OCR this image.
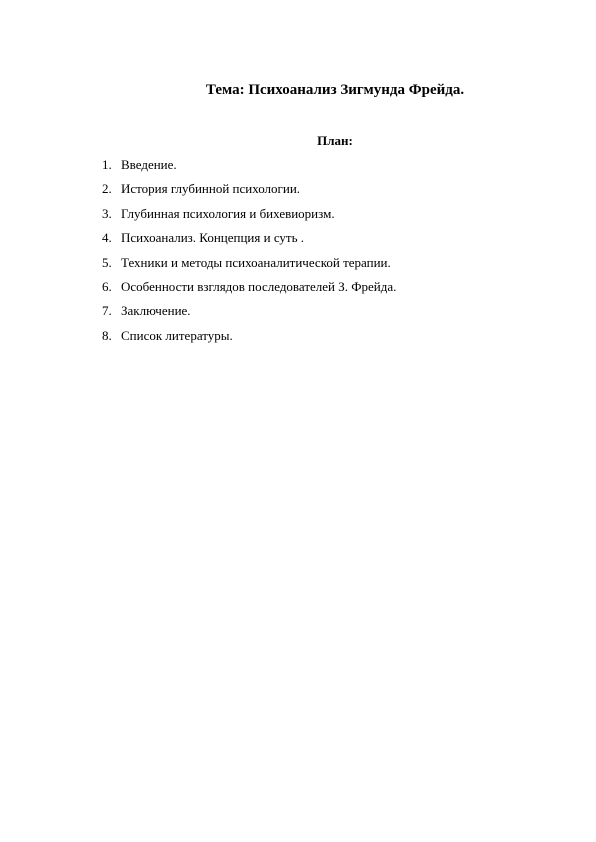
Тема: Психоанализ Зигмунда Фрейда.
План:
1. Введение.
2. История глубинной психологии.
3. Глубинная психология и бихевиоризм.
4. Психоанализ. Концепция и суть .
5. Техники и методы психоаналитической терапии.
6. Особенности взглядов последователей З. Фрейда.
7. Заключение.
8. Список литературы.
